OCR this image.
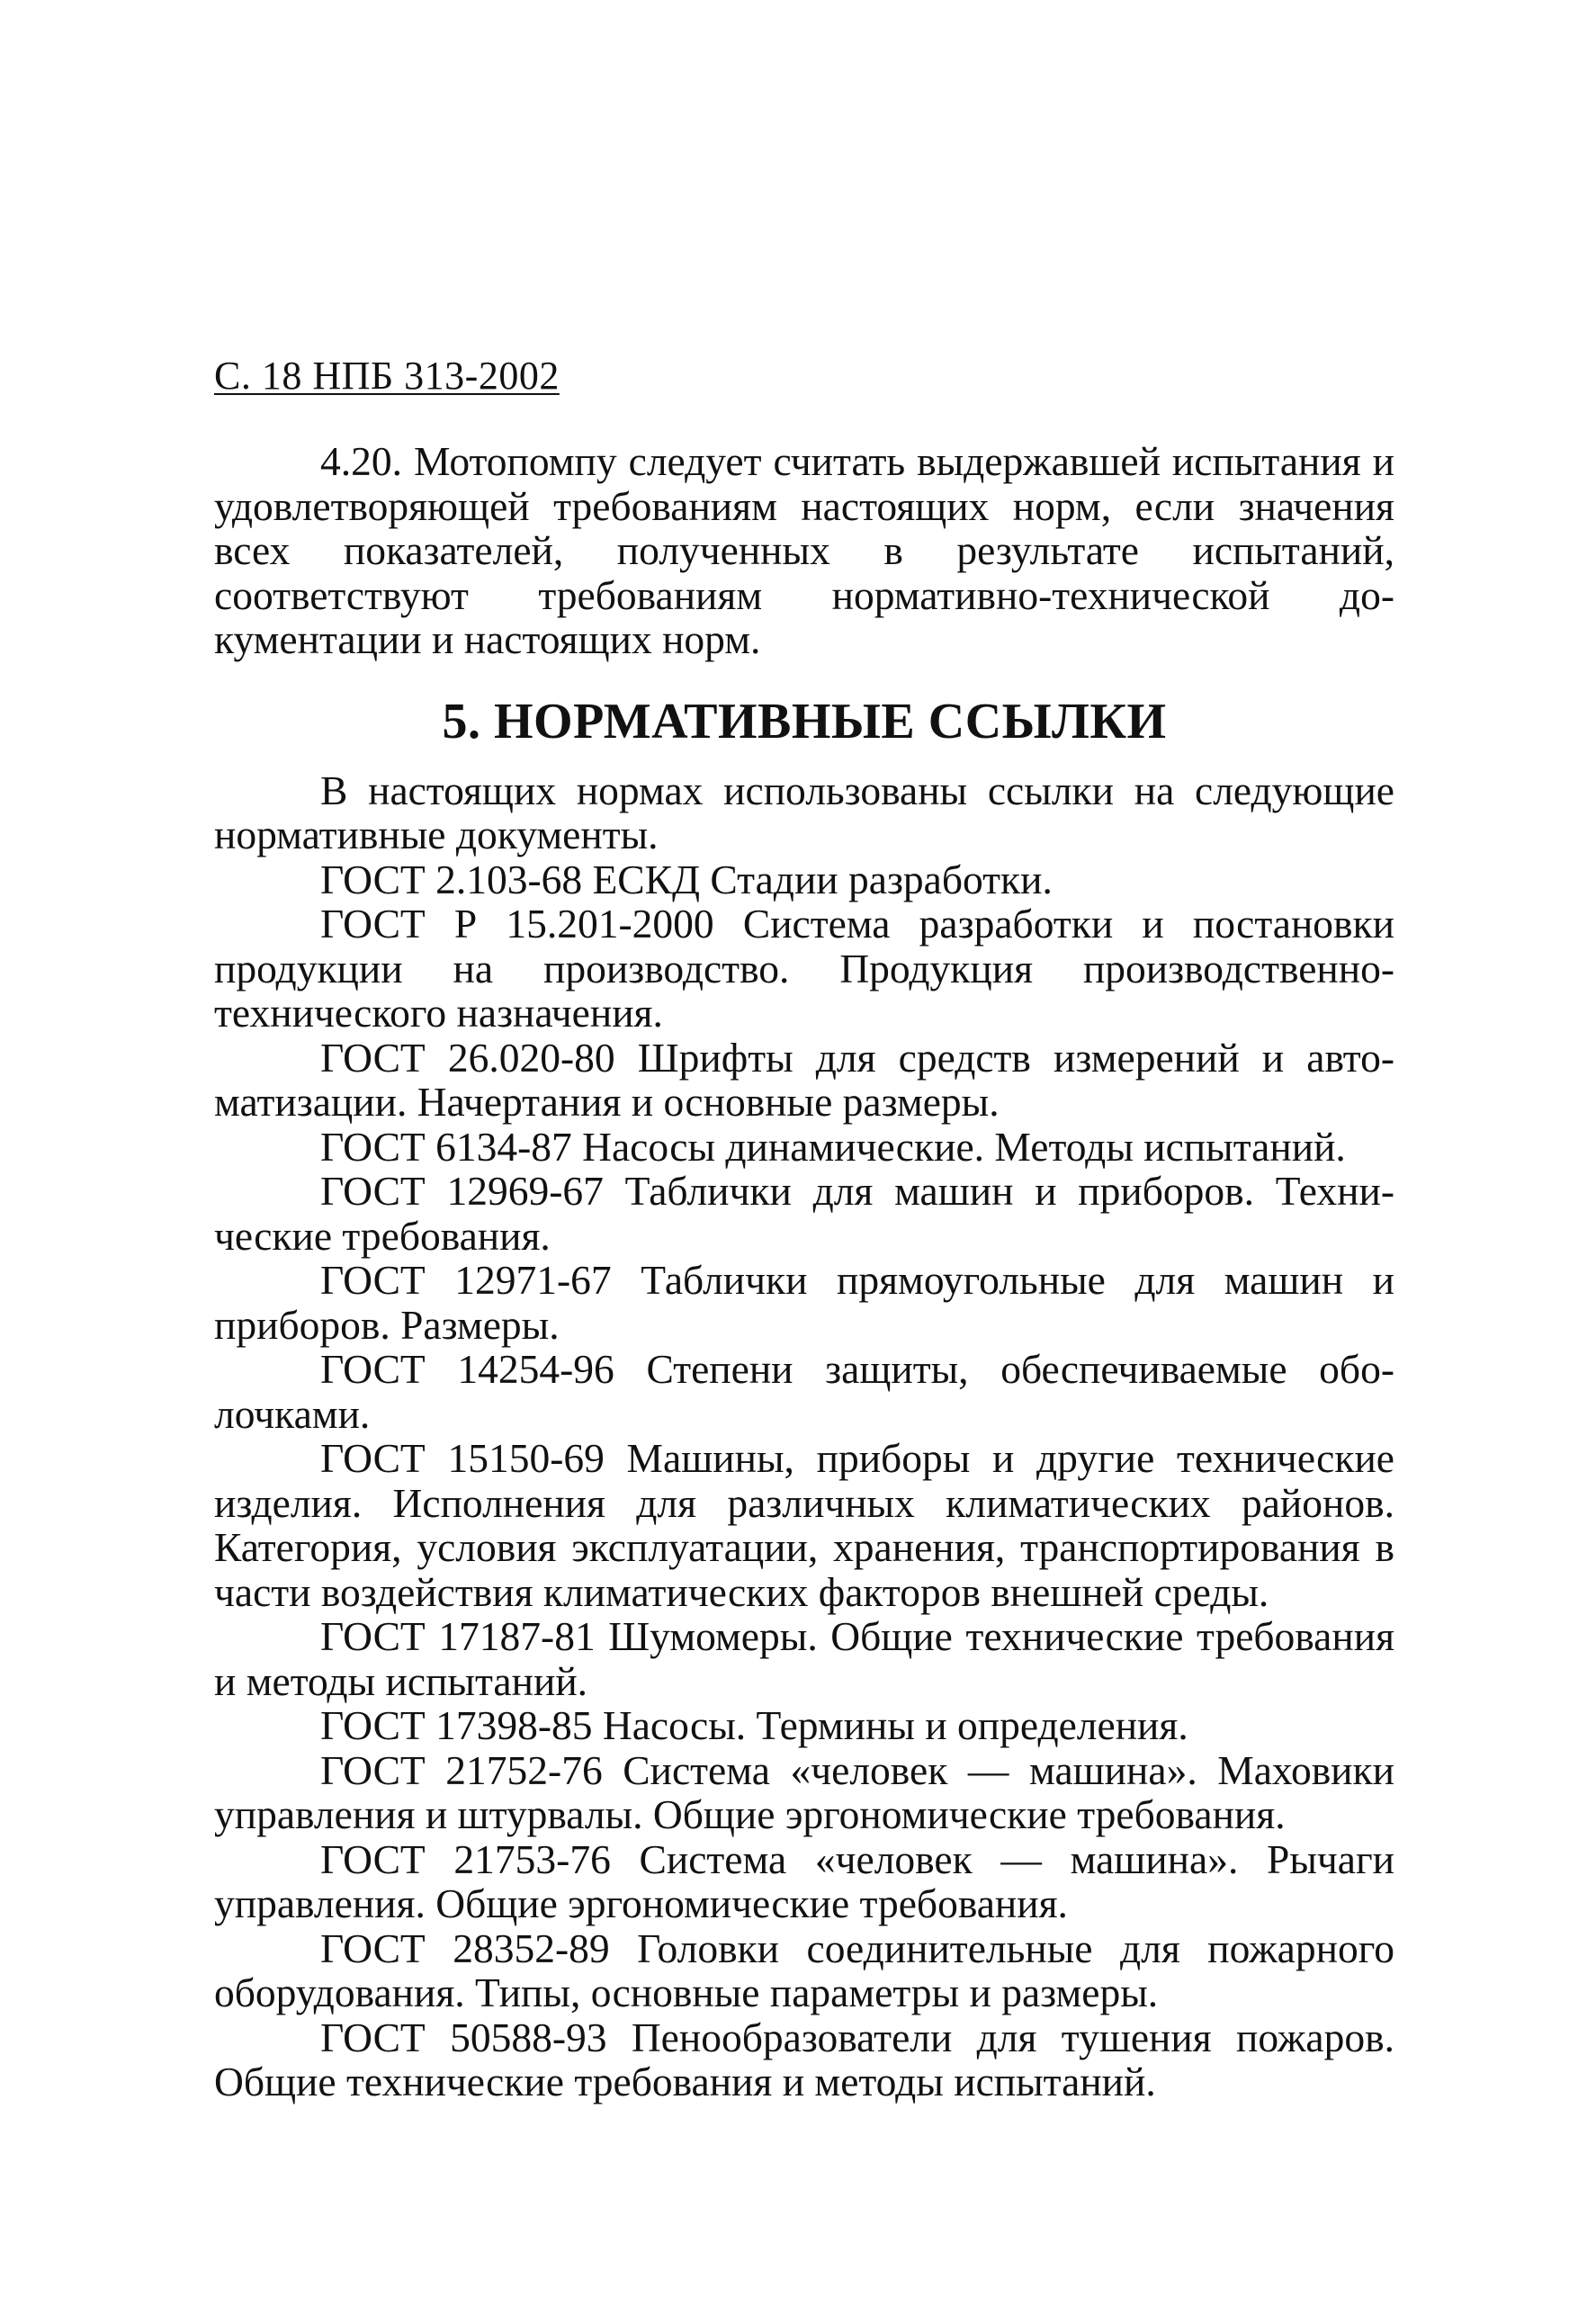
С. 18 НПБ 313-2002

4.20. Мотопомпу следует считать выдержавшей испытания и удовлетворяющей требованиям настоящих норм, если значения всех показателей, полученных в результате испытаний, соответствуют требованиям нормативно-технической документации и настоящих норм.

5. НОРМАТИВНЫЕ ССЫЛКИ

В настоящих нормах использованы ссылки на следующие нормативные документы.

ГОСТ 2.103-68 ЕСКД Стадии разработки.
ГОСТ Р 15.201-2000 Система разработки и постановки продукции на производство. Продукция производственно-технического назначения.
ГОСТ 26.020-80 Шрифты для средств измерений и автоматизации. Начертания и основные размеры.
ГОСТ 6134-87 Насосы динамические. Методы испытаний.
ГОСТ 12969-67 Таблички для машин и приборов. Технические требования.
ГОСТ 12971-67 Таблички прямоугольные для машин и приборов. Размеры.
ГОСТ 14254-96 Степени защиты, обеспечиваемые оболочками.
ГОСТ 15150-69 Машины, приборы и другие технические изделия. Исполнения для различных климатических районов. Категория, условия эксплуатации, хранения, транспортирования в части воздействия климатических факторов внешней среды.
ГОСТ 17187-81 Шумомеры. Общие технические требования и методы испытаний.
ГОСТ 17398-85 Насосы. Термины и определения.
ГОСТ 21752-76 Система «человек — машина». Маховики управления и штурвалы. Общие эргономические требования.
ГОСТ 21753-76 Система «человек — машина». Рычаги управления. Общие эргономические требования.
ГОСТ 28352-89 Головки соединительные для пожарного оборудования. Типы, основные параметры и размеры.
ГОСТ 50588-93 Пенообразователи для тушения пожаров. Общие технические требования и методы испытаний.
